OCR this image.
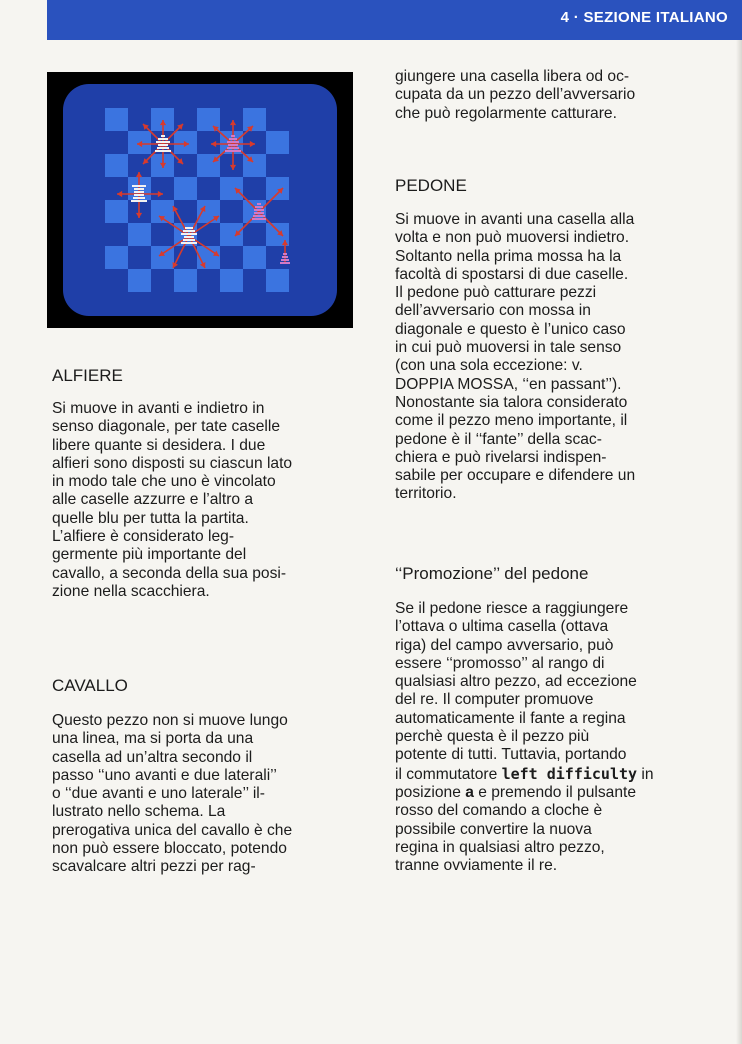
4 · SEZIONE ITALIANO
ALFIERE

Si muove in avanti e indietro in
senso diagonale, per tate caselle
libere quante si desidera. I due
alfieri sono disposti su ciascun lato
in modo tale che uno è vincolato
alle caselle azzurre e l’altro a
quelle blu per tutta la partita.
L’alfiere è considerato leg-
germente più importante del
cavallo, a seconda della sua posi-
zione nella scacchiera.

CAVALLO

Questo pezzo non si muove lungo
una linea, ma si porta da una
casella ad un’altra secondo il
passo ‘‘uno avanti e due laterali’’
o ‘‘due avanti e uno laterale’’ il-
lustrato nello schema. La
prerogativa unica del cavallo è che
non può essere bloccato, potendo
scavalcare altri pezzi per rag-

giungere una casella libera od oc-
cupata da un pezzo dell’avversario
che può regolarmente catturare.

PEDONE

Si muove in avanti una casella alla
volta e non può muoversi indietro.
Soltanto nella prima mossa ha la
facoltà di spostarsi di due caselle.
Il pedone può catturare pezzi
dell’avversario con mossa in
diagonale e questo è l’unico caso
in cui può muoversi in tale senso
(con una sola eccezione: v.
DOPPIA MOSSA, ‘‘en passant’’).
Nonostante sia talora considerato
come il pezzo meno importante, il
pedone è il ‘‘fante’’ della scac-
chiera e può rivelarsi indispen-
sabile per occupare e difendere un
territorio.

‘‘Promozione’’ del pedone

Se il pedone riesce a raggiungere
l’ottava o ultima casella (ottava
riga) del campo avversario, può
essere ‘‘promosso’’ al rango di
qualsiasi altro pezzo, ad eccezione
del re. Il computer promuove
automaticamente il fante a regina
perchè questa è il pezzo più
potente di tutti. Tuttavia, portando
il commutatore left difficulty in
posizione a e premendo il pulsante
rosso del comando a cloche è
possibile convertire la nuova
regina in qualsiasi altro pezzo,
tranne ovviamente il re.
